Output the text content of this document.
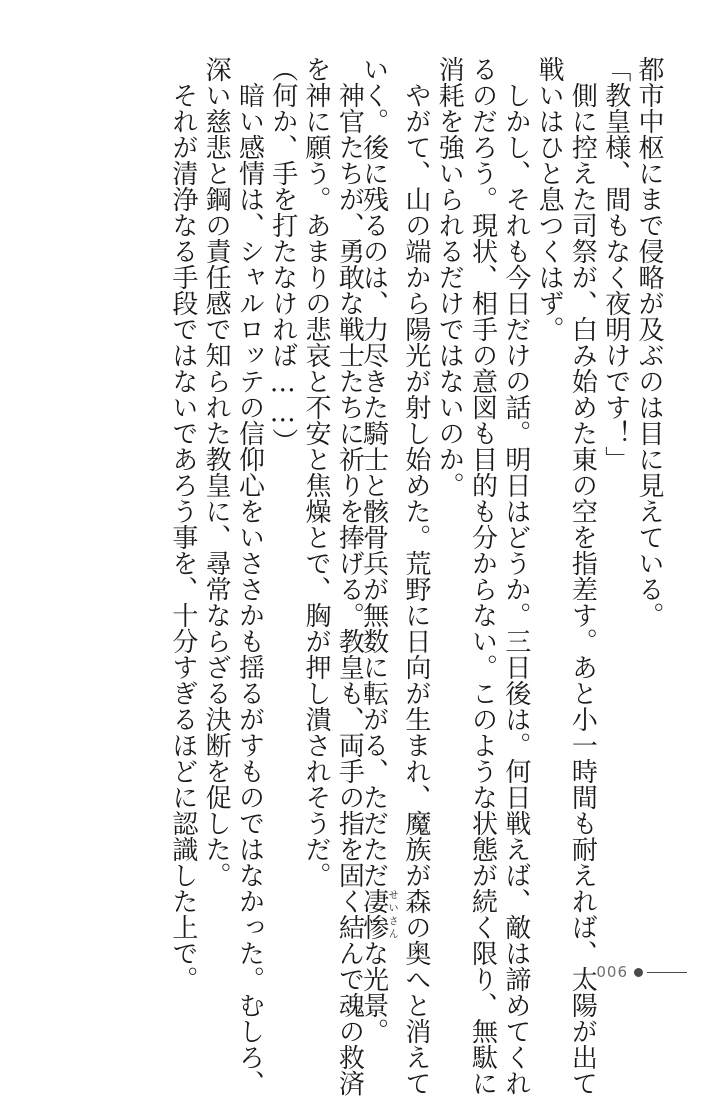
都市中枢にまで侵略が及ぶのは目に見えている。
「教皇様、間もなく夜明けです！」
　側に控えた司祭が、白み始めた東の空を指差す。あと小一時間も耐えれば、太陽が出て
戦いはひと息つくはず。
　しかし、それも今日だけの話。明日はどうか。三日後は。何日戦えば、敵は諦めてくれ
るのだろう。現状、相手の意図も目的も分からない。このような状態が続く限り、無駄に
消耗を強いられるだけではないのか。
　やがて、山の端から陽光が射し始めた。荒野に日向が生まれ、魔族が森の奥へと消えて
いく。後に残るのは、力尽きた騎士と骸骨兵が無数に転がる、ただただ凄惨せいさんな光景。
　神官たちが、勇敢な戦士たちに祈りを捧げる。教皇も、両手の指を固く結んで魂の救済
を神に願う。あまりの悲哀と不安と焦燥とで、胸が押し潰されそうだ。
（何か、手を打たなければ……）
　暗い感情は、シャルロッテの信仰心をいささかも揺るがすものではなかった。むしろ、
深い慈悲と鋼の責任感で知られた教皇に、尋常ならざる決断を促した。
　それが清浄なる手段ではないであろう事を、十分すぎるほどに認識した上で。	006
